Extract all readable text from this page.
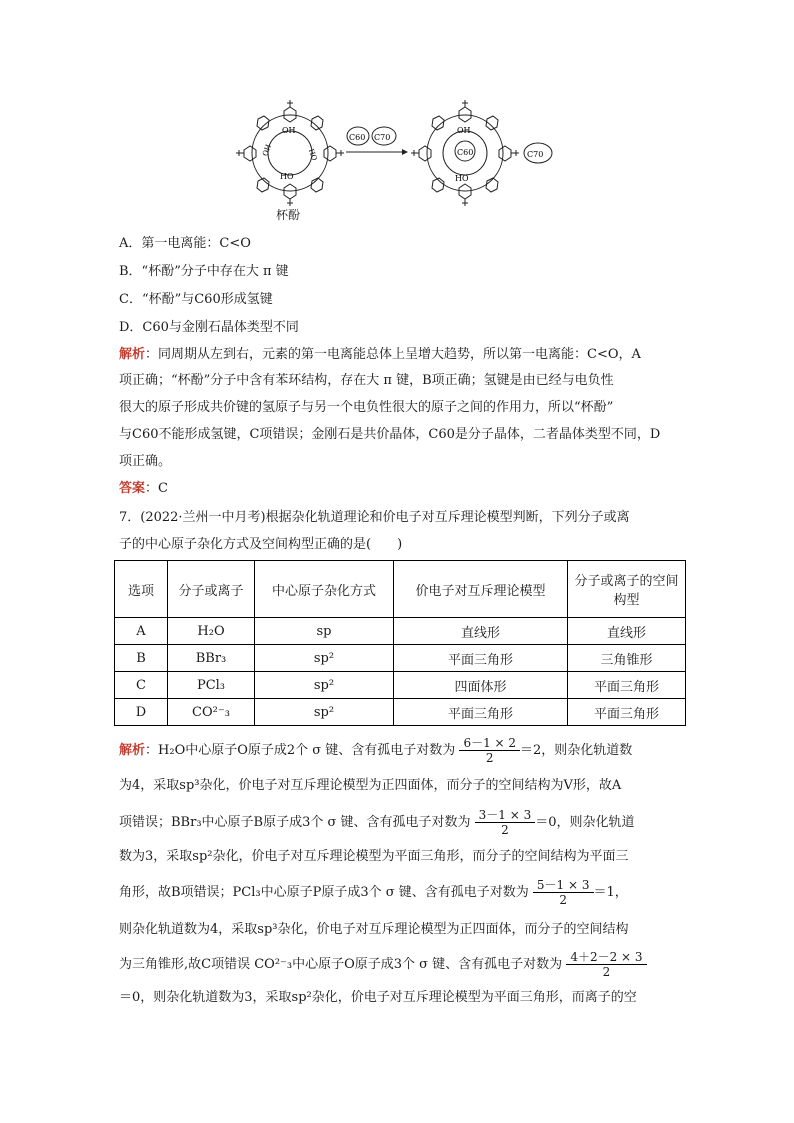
OH
HO
OH	HO
C60 C70
OH
HO
C60	C70
杯酚
A．第一电离能：C<O
B．“杯酚”分子中存在大 π 键
C．“杯酚”与C60形成氢键
D．C60与金刚石晶体类型不同
解析：同周期从左到右，元素的第一电离能总体上呈增大趋势，所以第一电离能：C<O，A
项正确；“杯酚”分子中含有苯环结构，存在大 π 键，B项正确；氢键是由已经与电负性
很大的原子形成共价键的氢原子与另一个电负性很大的原子之间的作用力，所以“杯酚”
与C60不能形成氢键，C项错误；金刚石是共价晶体，C60是分子晶体，二者晶体类型不同，D
项正确。
答案：C
7．(2022·兰州一中月考)根据杂化轨道理论和价电子对互斥理论模型判断，下列分子或离
子的中心原子杂化方式及空间构型正确的是(　　)
选项	分子或离子	中心原子杂化方式	价电子对互斥理论模型	分子或离子的空间构型
A	H₂O	sp	直线形	直线形
B	BBr₃	sp²	平面三角形	三角锥形
C	PCl₃	sp²	四面体形	平面三角形
D	CO²⁻₃	sp²	平面三角形	平面三角形
解析：H₂O中心原子O原子成2个 σ 键、含有孤电子对数为 $\frac{6-1 \times 2}{2} =2$，则杂化轨道数
为4，采取sp³杂化，价电子对互斥理论模型为正四面体，而分子的空间结构为V形，故A
项错误；BBr₃中心原子B原子成3个 σ 键、含有孤电子对数为 $\frac{3-1 \times 3}{2} =0$，则杂化轨道
数为3，采取sp²杂化，价电子对互斥理论模型为平面三角形，而分子的空间结构为平面三
角形，故B项错误；PCl₃中心原子P原子成3个 σ 键、含有孤电子对数为 $\frac{5-1 \times 3}{2} =1$，
则杂化轨道数为4，采取sp³杂化，价电子对互斥理论模型为正四面体，而分子的空间结构
为三角锥形,故C项错误 CO²⁻₃中心原子O原子成3个 σ 键、含有孤电子对数为 $\frac{4+2-2 \times 3}{2}$
＝0，则杂化轨道数为3，采取sp²杂化，价电子对互斥理论模型为平面三角形，而离子的空
